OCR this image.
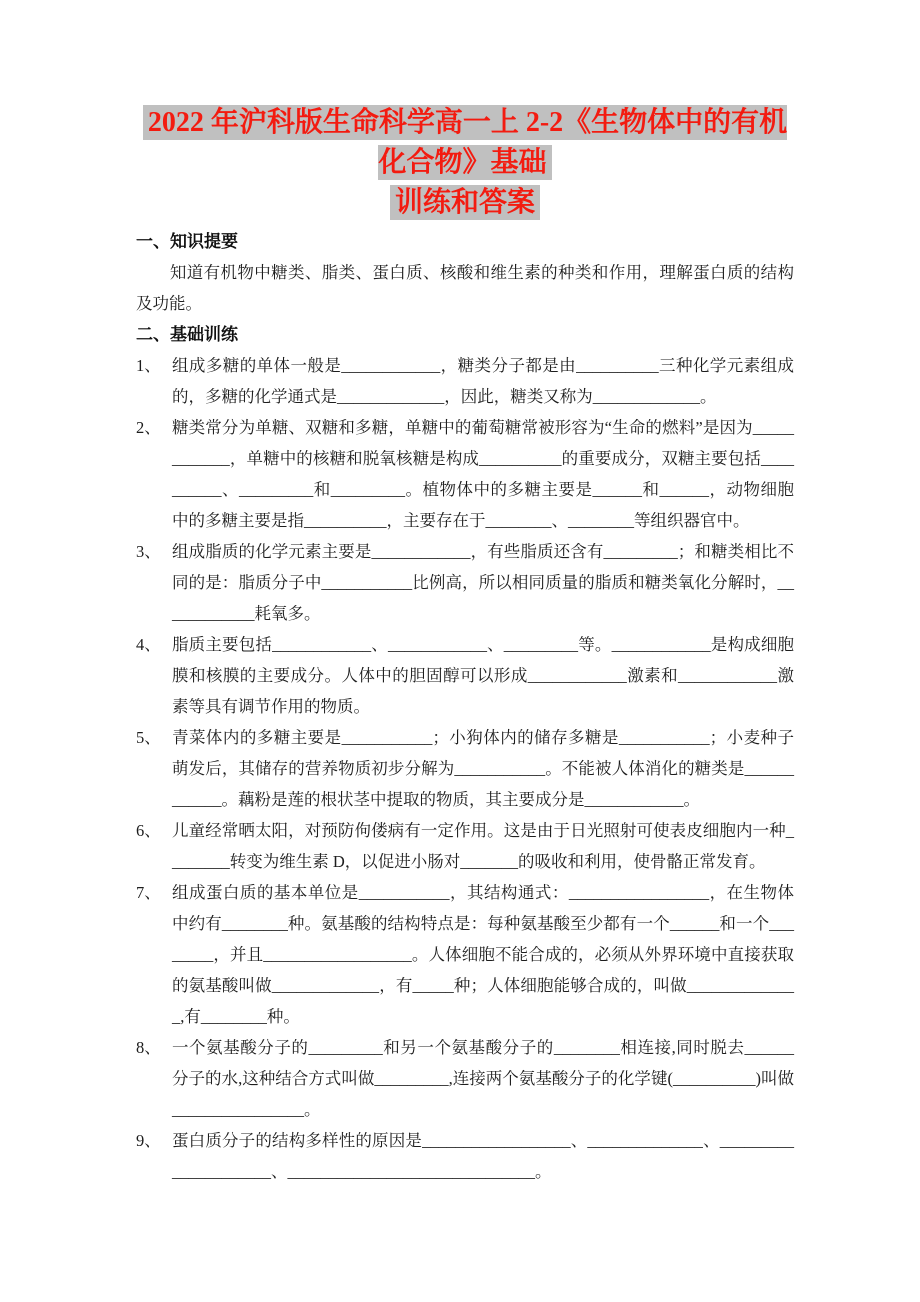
2022 年沪科版生命科学高一上 2-2《生物体中的有机化合物》基础
训练和答案
一、知识提要

知道有机物中糖类、脂类、蛋白质、核酸和维生素的种类和作用，理解蛋白质的结构及功能。

二、基础训练
1、 组成多糖的单体一般是____________，糖类分子都是由__________三种化学元素组成的，多糖的化学通式是_____________，因此，糖类又称为_____________。
2、 糖类常分为单糖、双糖和多糖，单糖中的葡萄糖常被形容为“生命的燃料”是因为____________，单糖中的核糖和脱氧核糖是构成__________的重要成分，双糖主要包括__________、_________和_________。植物体中的多糖主要是______和______，动物细胞中的多糖主要是指__________，主要存在于________、________等组织器官中。
3、 组成脂质的化学元素主要是____________，有些脂质还含有_________；和糖类相比不同的是：脂质分子中___________比例高，所以相同质量的脂质和糖类氧化分解时，____________耗氧多。
4、 脂质主要包括____________、____________、_________等。____________是构成细胞膜和核膜的主要成分。人体中的胆固醇可以形成____________激素和____________激素等具有调节作用的物质。
5、 青菜体内的多糖主要是___________；小狗体内的储存多糖是___________；小麦种子萌发后，其储存的营养物质初步分解为___________。不能被人体消化的糖类是____________。藕粉是莲的根状茎中提取的物质，其主要成分是____________。
6、 儿童经常晒太阳，对预防佝偻病有一定作用。这是由于日光照射可使表皮细胞内一种________转变为维生素 D，以促进小肠对_______的吸收和利用，使骨骼正常发育。
7、 组成蛋白质的基本单位是___________，其结构通式：_________________，在生物体中约有________种。氨基酸的结构特点是：每种氨基酸至少都有一个______和一个________，并且__________________。人体细胞不能合成的，必须从外界环境中直接获取的氨基酸叫做_____________，有_____种；人体细胞能够合成的，叫做______________,有________种。
8、 一个氨基酸分子的_________和另一个氨基酸分子的________相连接,同时脱去______分子的水,这种结合方式叫做_________,连接两个氨基酸分子的化学键(__________)叫做________________。
9、 蛋白质分子的结构多样性的原因是__________________、______________、_____________________、______________________________。
